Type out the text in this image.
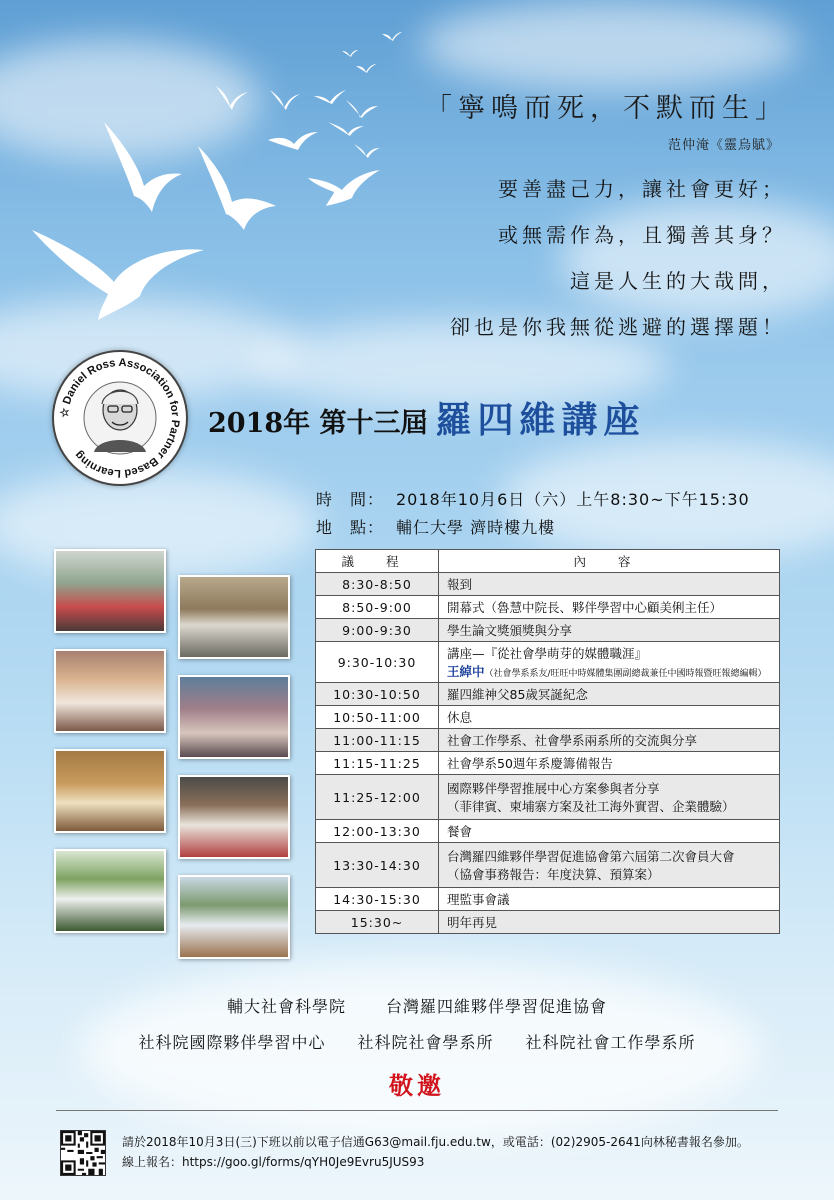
「寧鳴而死，不默而生」
范仲淹《靈烏賦》
要善盡己力，讓社會更好；
或無需作為，且獨善其身？
這是人生的大哉問，
卻也是你我無從逃避的選擇題！
☆ Daniel Ross Association for Partner Based Learning
2018年 第十三屆 羅四維講座
時　間： 2018年10月6日（六）上午8:30~下午15:30
地　點： 輔仁大學 濟時樓九樓
議 程	內 容
8:30-8:50	報到
8:50-9:00	開幕式（魯慧中院長、夥伴學習中心顧美俐主任）
9:00-9:30	學生論文獎頒獎與分享
9:30-10:30	講座—『從社會學萌芽的媒體職涯』
王綽中（社會學系系友/旺旺中時媒體集團副總裁兼任中國時報暨旺報總編輯）

10:30-10:50	羅四維神父85歲冥誕紀念
10:50-11:00	休息
11:00-11:15	社會工作學系、社會學系兩系所的交流與分享
11:15-11:25	社會學系50週年系慶籌備報告
11:25-12:00	國際夥伴學習推展中心方案參與者分享
（菲律賓、柬埔寨方案及社工海外實習、企業體驗）

12:00-13:30	餐會
13:30-14:30	台灣羅四維夥伴學習促進協會第六屆第二次會員大會
（協會事務報告：年度決算、預算案）

14:30-15:30	理監事會議
15:30~	明年再見
輔大社會科學院	台灣羅四維夥伴學習促進協會
社科院國際夥伴學習中心 社科院社會學系所 社科院社會工作學系所
敬邀
請於2018年10月3日(三)下班以前以電子信通G63@mail.fju.edu.tw，或電話：(02)2905-2641向林秘書報名參加。
線上報名：https://goo.gl/forms/qYH0Je9Evru5JUS93
